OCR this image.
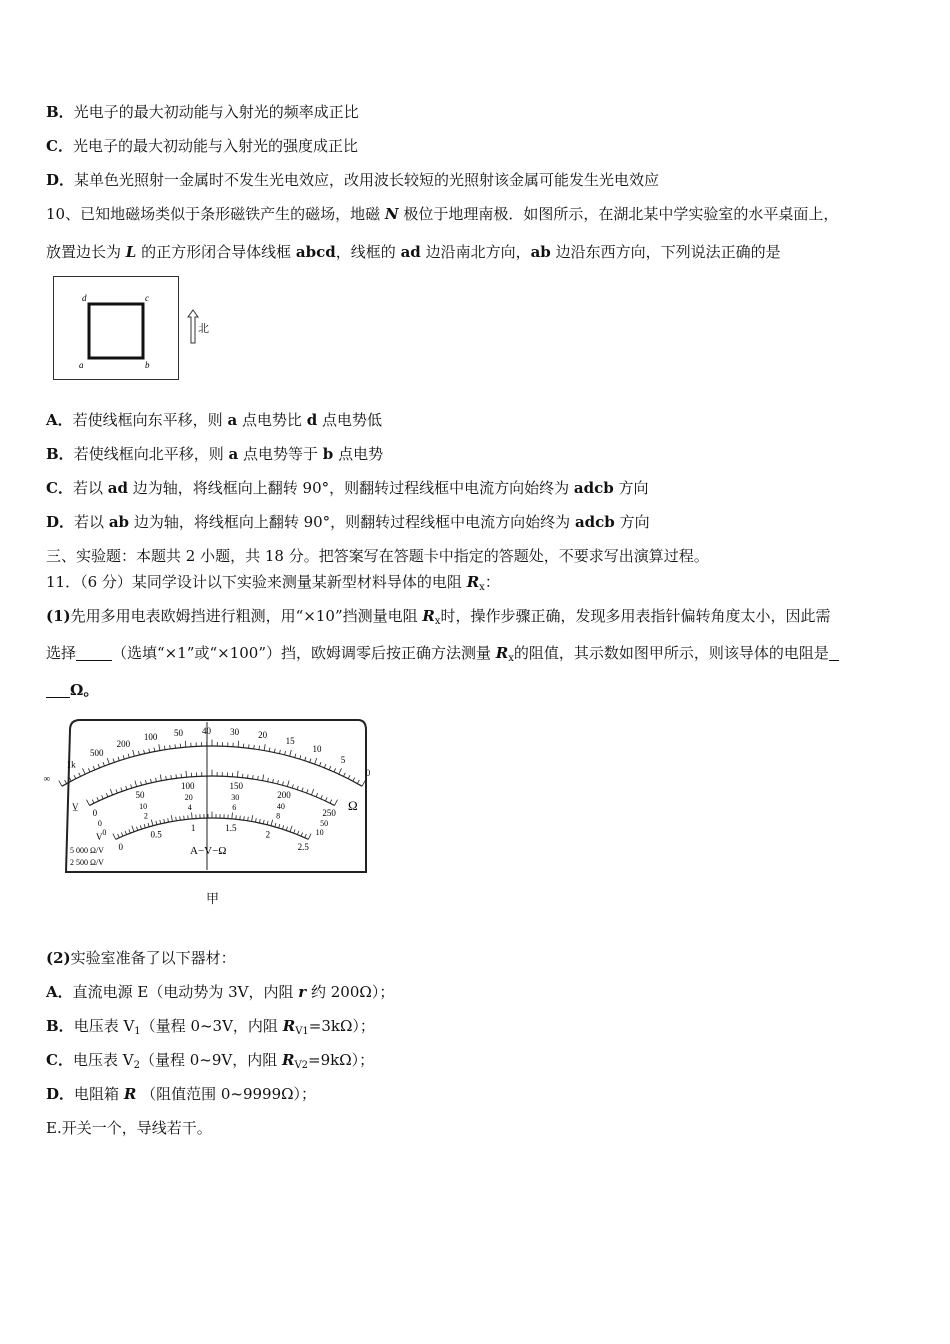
B．光电子的最大初动能与入射光的频率成正比
C．光电子的最大初动能与入射光的强度成正比
D．某单色光照射一金属时不发生光电效应，改用波长较短的光照射该金属可能发生光电效应
10、已知地磁场类似于条形磁铁产生的磁场，地磁 N 极位于地理南极．如图所示，在湖北某中学实验室的水平桌面上，
放置边长为 L 的正方形闭合导体线框 abcd，线框的 ad 边沿南北方向，ab 边沿东西方向，下列说法正确的是
d	c
a	b
北
A．若使线框向东平移，则 a 点电势比 d 点电势低
B．若使线框向北平移，则 a 点电势等于 b 点电势
C．若以 ad 边为轴，将线框向上翻转 90°，则翻转过程线框中电流方向始终为 adcb 方向
D．若以 ab 边为轴，将线框向上翻转 90°，则翻转过程线框中电流方向始终为 adcb 方向
三、实验题：本题共 2 小题，共 18 分。把答案写在答题卡中指定的答题处，不要求写出演算过程。
11．（6 分）某同学设计以下实验来测量某新型材料导体的电阻 $R_x$：
(1)先用多用电表欧姆挡进行粗测，用“×10”挡测量电阻 $R_x$时，操作步骤正确，发现多用表指针偏转角度太小，因此需
选择 （选填“×1”或“×100”）挡，欧姆调零后按正确方法测量 $R_x$的阻值，其示数如图甲所示，则该导体的电阻是
Ω。
∞
1k
500
200
100 50 40 30 20
15
10
5
0
0
50
100	150
200
250
0
10
20	30
40
50
0
2
4	6
8
10
0
0.5
1	1.5
2
2.5
Ω
V̲
V
5 000 Ω/V
2 500 Ω/V
A−V−Ω
甲
(2)实验室准备了以下器材：
A．直流电源 E（电动势为 3V，内阻 r 约 200Ω）；
B．电压表 $V_1$（量程 0~3V，内阻 $R_{V1}=3k\Omega$）；
C．电压表 $V_2$（量程 0~9V，内阻 $R_{V2}=9k\Omega$）；
D．电阻箱 R （阻值范围 0~9999Ω）；
E.开关一个，导线若干。
